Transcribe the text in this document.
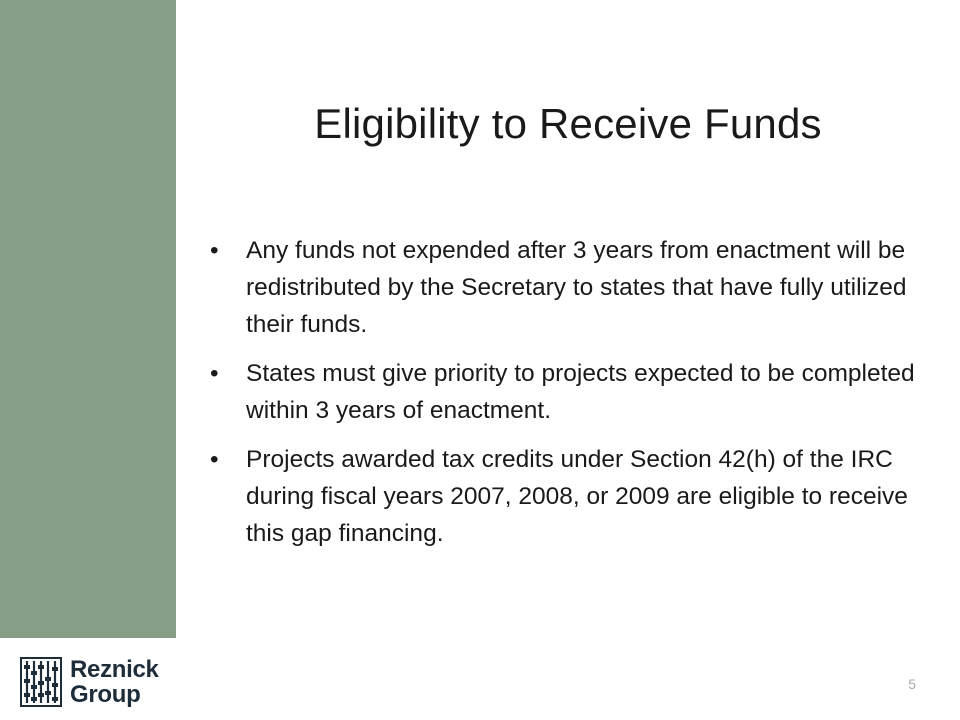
Eligibility to Receive Funds
• Any funds not expended after 3 years from enactment will be redistributed by the Secretary to states that have fully utilized their funds.
• States must give priority to projects expected to be completed within 3 years of enactment.
• Projects awarded tax credits under Section 42(h) of the IRC during fiscal years 2007, 2008, or 2009 are eligible to receive this gap financing.
Reznick
Group	5
